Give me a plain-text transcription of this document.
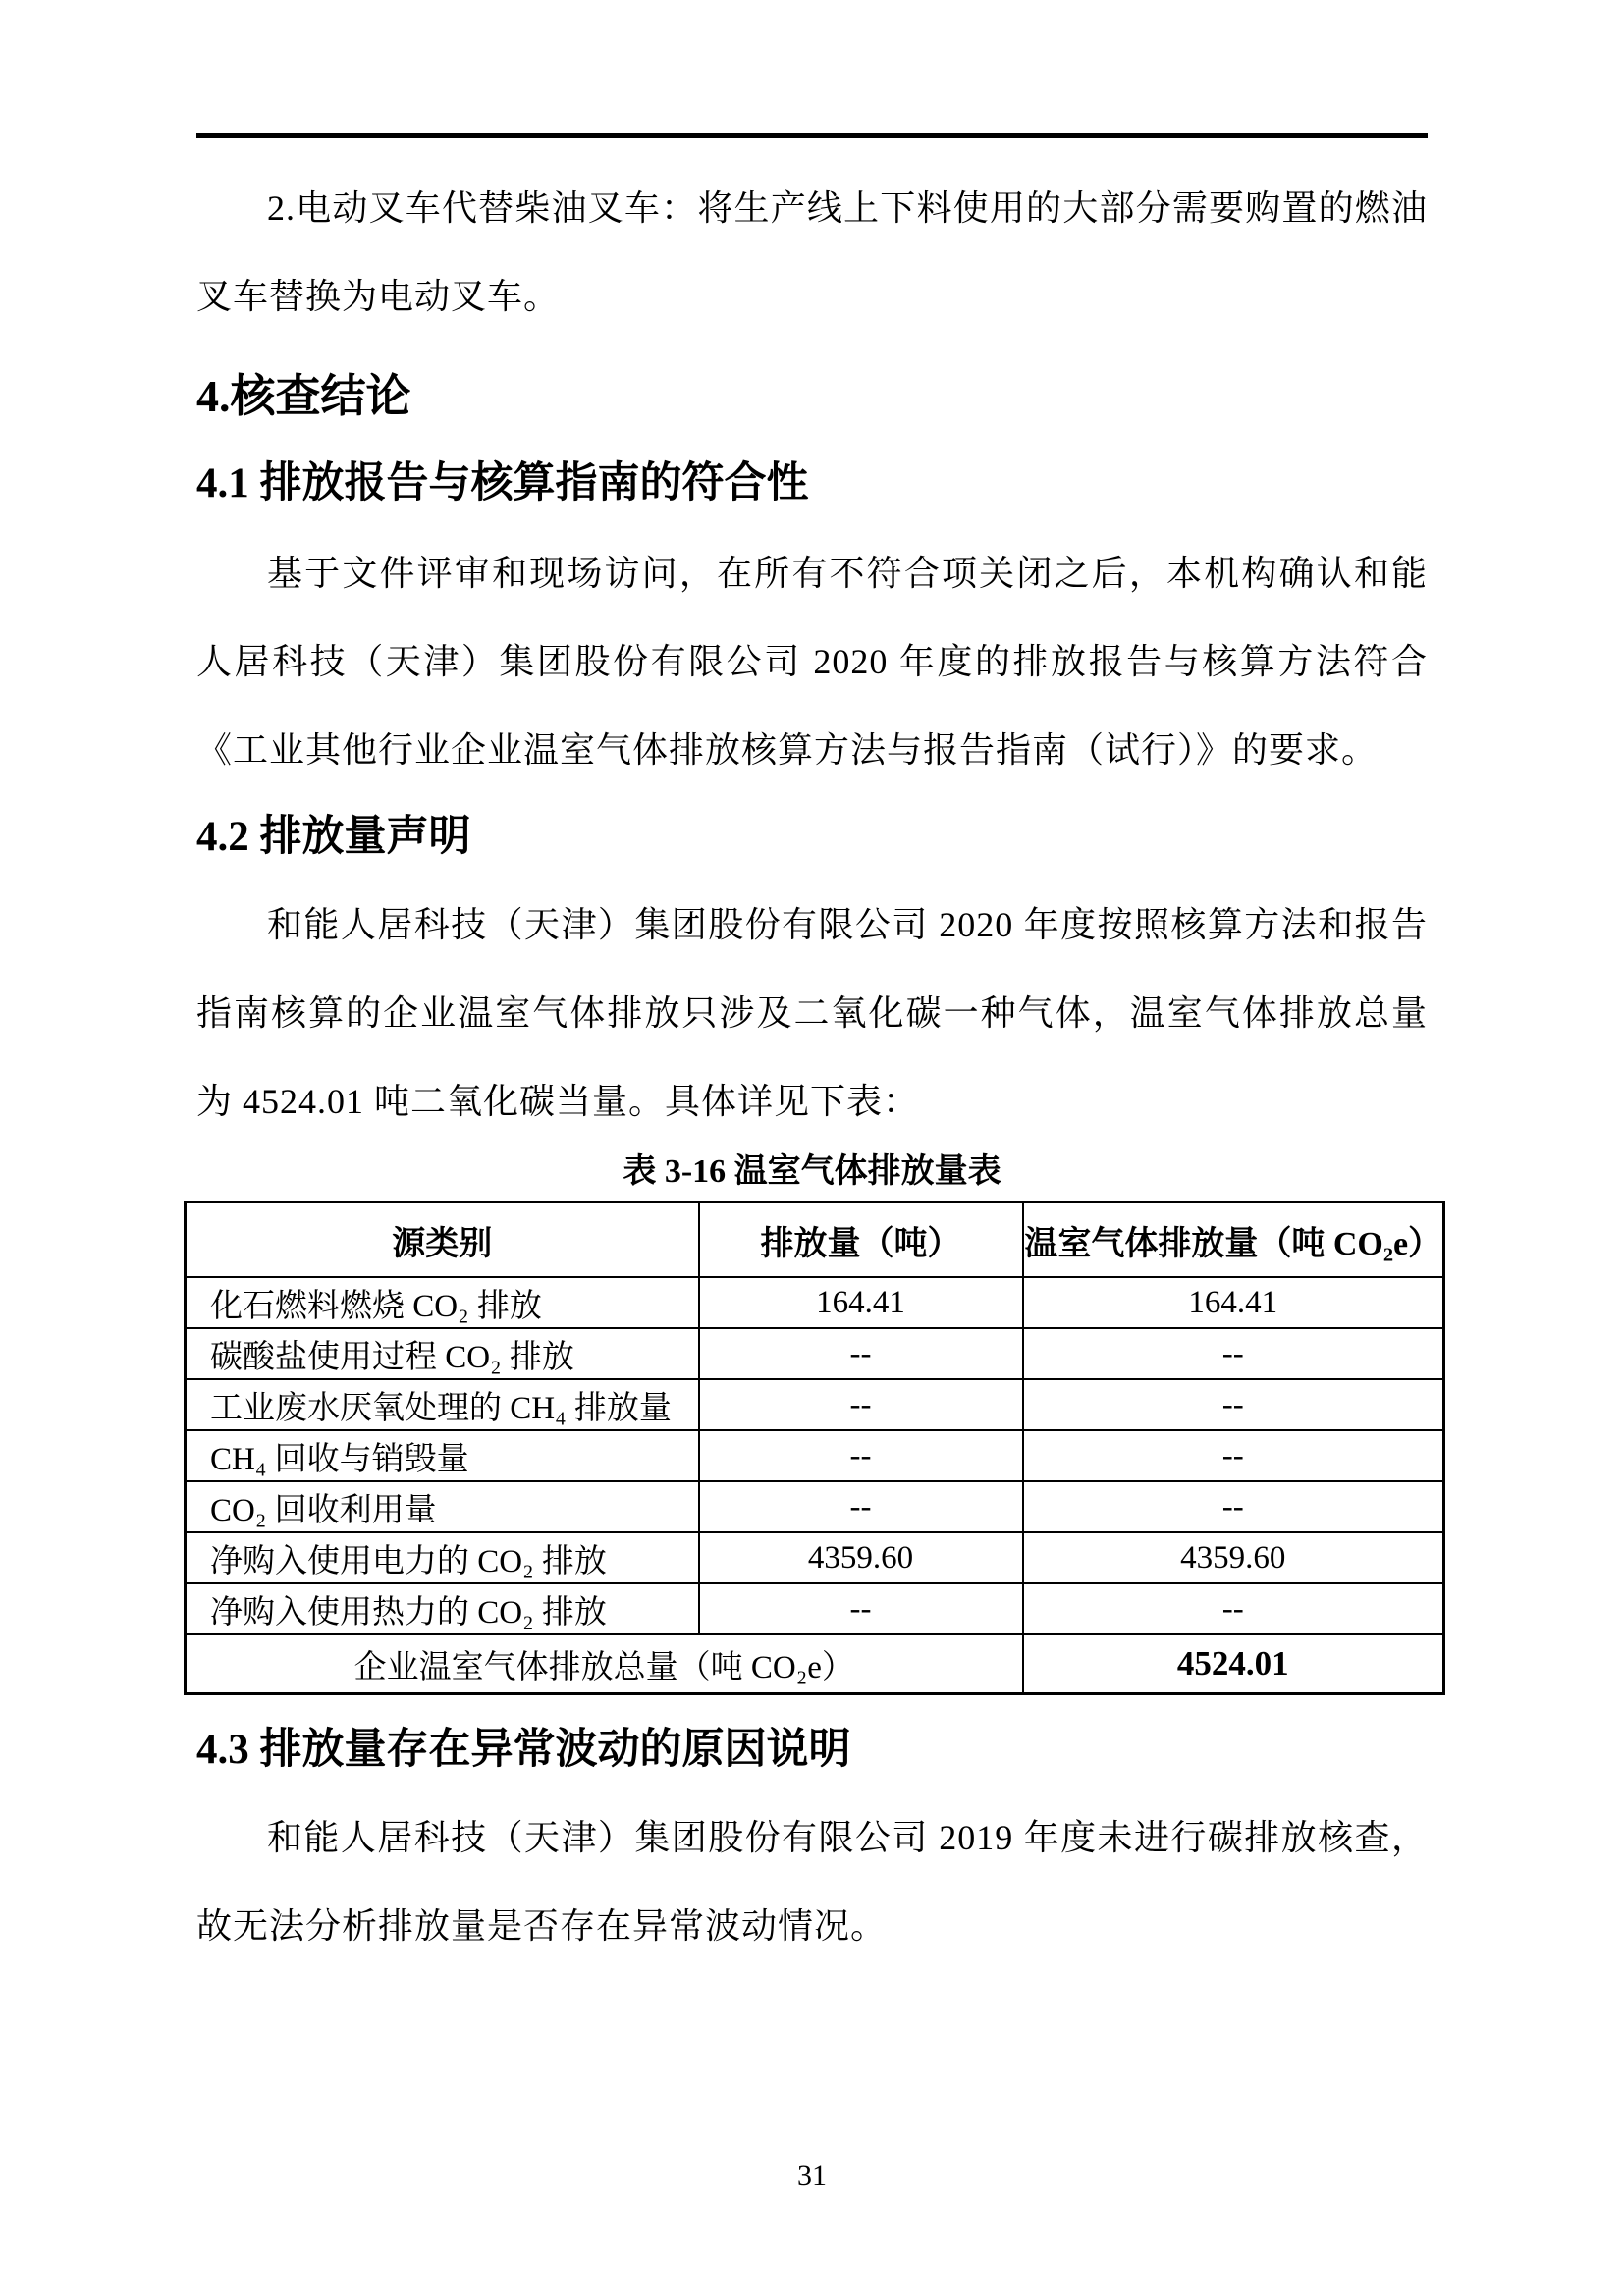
2.电动叉车代替柴油叉车：将生产线上下料使用的大部分需要购置的燃油叉车替换为电动叉车。

4.核查结论
4.1 排放报告与核算指南的符合性

基于文件评审和现场访问，在所有不符合项关闭之后，本机构确认和能人居科技（天津）集团股份有限公司 2020 年度的排放报告与核算方法符合《工业其他行业企业温室气体排放核算方法与报告指南（试行）》的要求。

4.2 排放量声明

和能人居科技（天津）集团股份有限公司 2020 年度按照核算方法和报告指南核算的企业温室气体排放只涉及二氧化碳一种气体，温室气体排放总量为 4524.01 吨二氧化碳当量。具体详见下表：

表 3-16 温室气体排放量表
源类别	排放量（吨）	温室气体排放量（吨 CO₂e）
化石燃料燃烧 CO₂ 排放	164.41	164.41
碳酸盐使用过程 CO₂ 排放	--	--
工业废水厌氧处理的 CH₄ 排放量	--	--
CH₄ 回收与销毁量	--	--
CO₂ 回收利用量	--	--
净购入使用电力的 CO₂ 排放	4359.60	4359.60
净购入使用热力的 CO₂ 排放	--	--
企业温室气体排放总量（吨 CO₂e）		4524.01
4.3 排放量存在异常波动的原因说明

和能人居科技（天津）集团股份有限公司 2019 年度未进行碳排放核查，故无法分析排放量是否存在异常波动情况。

31
